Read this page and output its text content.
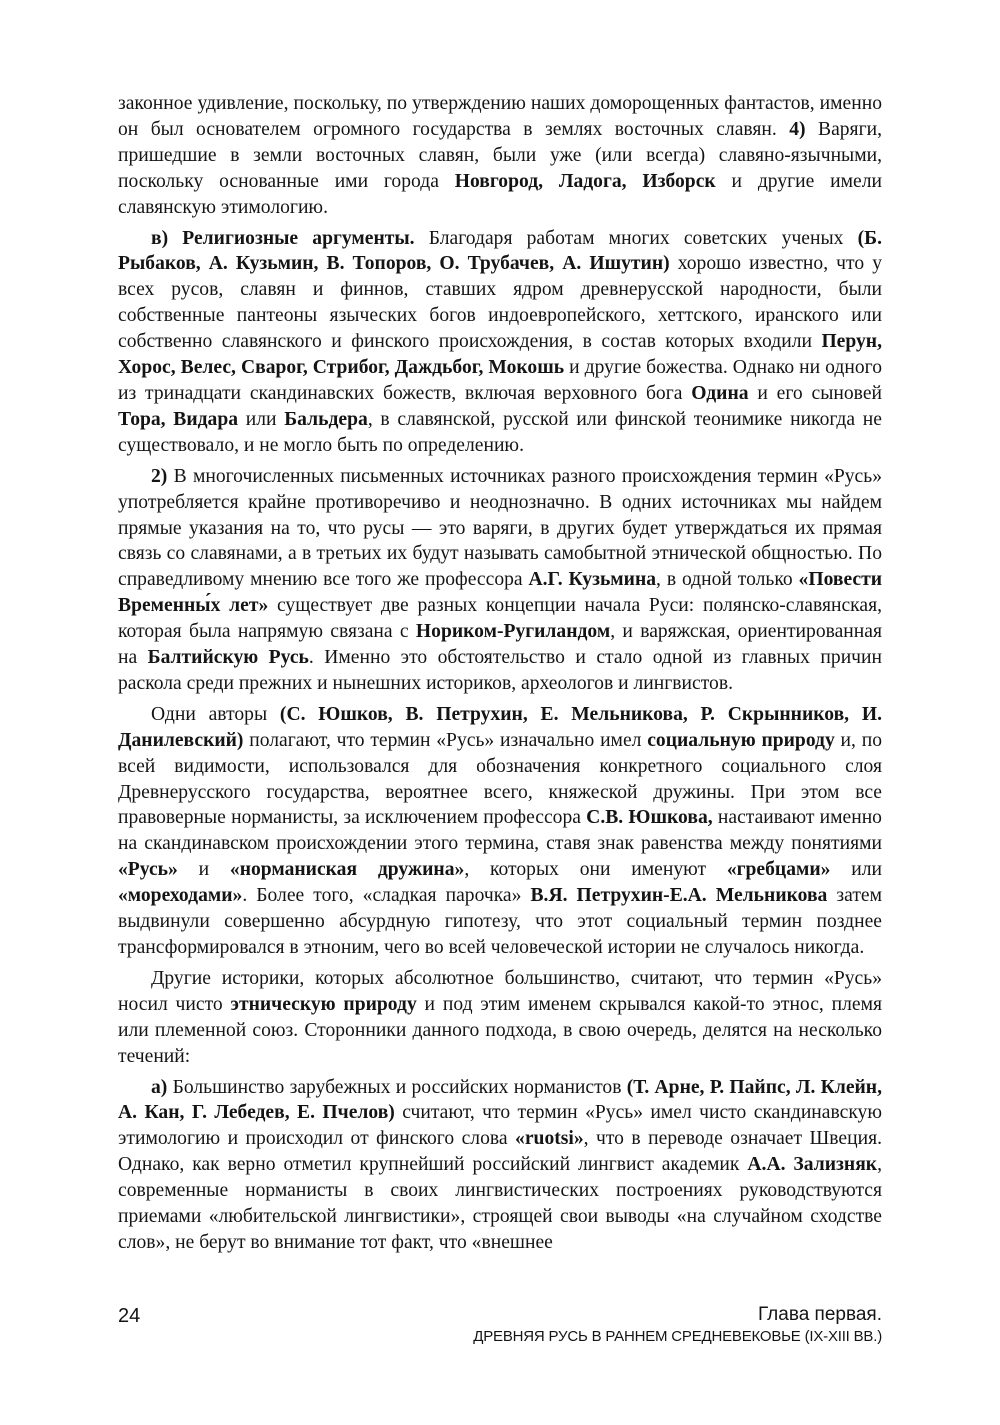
законное удивление, поскольку, по утверждению наших доморощенных фантастов, именно он был основателем огромного государства в землях восточных славян. 4) Варяги, пришедшие в земли восточных славян, были уже (или всегда) славяно-язычными, поскольку основанные ими города Новгород, Ладога, Изборск и другие имели славянскую этимологию.

в) Религиозные аргументы. Благодаря работам многих советских ученых (Б. Рыбаков, А. Кузьмин, В. Топоров, О. Трубачев, А. Ишутин) хорошо известно, что у всех русов, славян и финнов, ставших ядром древнерусской народности, были собственные пантеоны языческих богов индоевропейского, хеттского, иранского или собственно славянского и финского происхождения, в состав которых входили Перун, Хорос, Велес, Сварог, Стрибог, Даждьбог, Мокошь и другие божества. Однако ни одного из тринадцати скандинавских божеств, включая верховного бога Одина и его сыновей Тора, Видара или Бальдера, в славянской, русской или финской теонимике никогда не существовало, и не могло быть по определению.

2) В многочисленных письменных источниках разного происхождения термин «Русь» употребляется крайне противоречиво и неоднозначно. В одних источниках мы найдем прямые указания на то, что русы — это варяги, в других будет утверждаться их прямая связь со славянами, а в третьих их будут называть самобытной этнической общностью. По справедливому мнению все того же профессора А.Г. Кузьмина, в одной только «Повести Временны́х лет» существует две разных концепции начала Руси: полянско-славянская, которая была напрямую связана с Нориком-Ругиландом, и варяжская, ориентированная на Балтийскую Русь. Именно это обстоятельство и стало одной из главных причин раскола среди прежних и нынешних историков, археологов и лингвистов.

Одни авторы (С. Юшков, В. Петрухин, Е. Мельникова, Р. Скрынников, И. Данилевский) полагают, что термин «Русь» изначально имел социальную природу и, по всей видимости, использовался для обозначения конкретного социального слоя Древнерусского государства, вероятнее всего, княжеской дружины. При этом все правоверные норманисты, за исключением профессора С.В. Юшкова, настаивают именно на скандинавском происхождении этого термина, ставя знак равенства между понятиями «Русь» и «норманиская дружина», которых они именуют «гребцами» или «мореходами». Более того, «сладкая парочка» В.Я. Петрухин-Е.А. Мельникова затем выдвинули совершенно абсурдную гипотезу, что этот социальный термин позднее трансформировался в этноним, чего во всей человеческой истории не случалось никогда.

Другие историки, которых абсолютное большинство, считают, что термин «Русь» носил чисто этническую природу и под этим именем скрывался какой-то этнос, племя или племенной союз. Сторонники данного подхода, в свою очередь, делятся на несколько течений:

а) Большинство зарубежных и российских норманистов (Т. Арне, Р. Пайпс, Л. Клейн, А. Кан, Г. Лебедев, Е. Пчелов) считают, что термин «Русь» имел чисто скандинавскую этимологию и происходил от финского слова «ruotsi», что в переводе означает Швеция. Однако, как верно отметил крупнейший российский лингвист академик А.А. Зализняк, современные норманисты в своих лингвистических построениях руководствуются приемами «любительской лингвистики», строящей свои выводы «на случайном сходстве слов», не берут во внимание тот факт, что «внешнее

24	Глава первая.
ДРЕВНЯЯ РУСЬ В РАННЕМ СРЕДНЕВЕКОВЬЕ (IX-XIII ВВ.)
